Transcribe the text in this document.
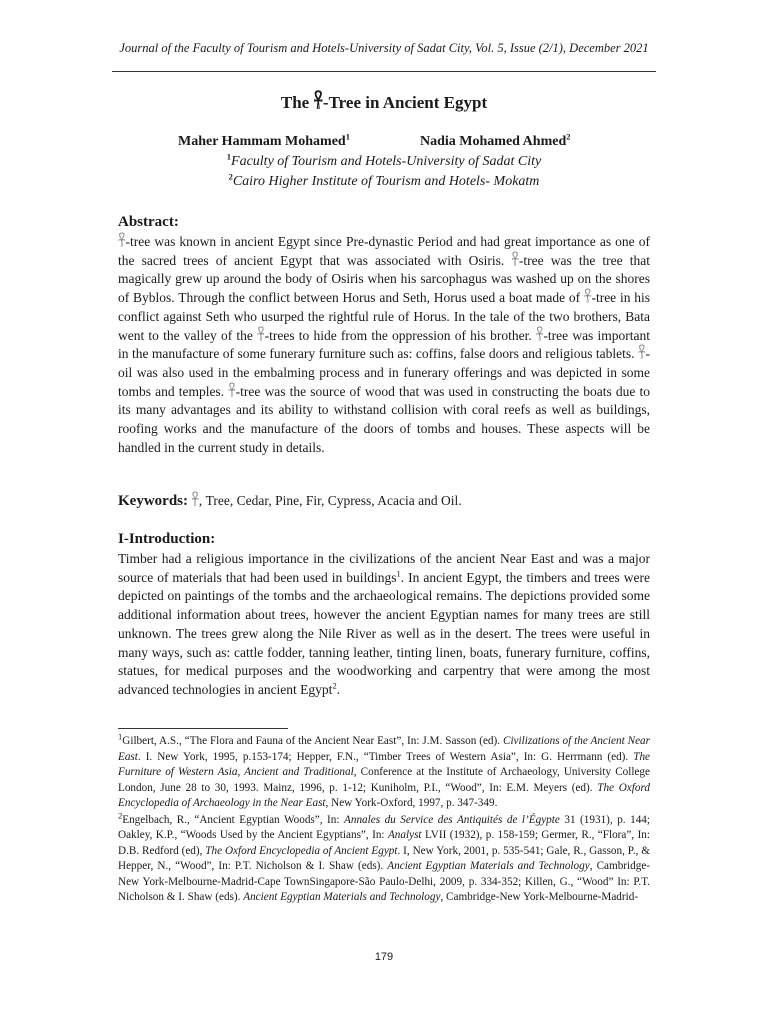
Journal of the Faculty of Tourism and Hotels-University of Sadat City, Vol. 5, Issue (2/1), December 2021
The 𓋹-Tree in Ancient Egypt
Maher Hammam Mohamed$^1$	Nadia Mohamed Ahmed$^2$
$^1$Faculty of Tourism and Hotels-University of Sadat City
$^2$Cairo Higher Institute of Tourism and Hotels- Mokatm
Abstract:
𓋹-tree was known in ancient Egypt since Pre-dynastic Period and had great importance as one of the sacred trees of ancient Egypt that was associated with Osiris. 𓋹-tree was the tree that magically grew up around the body of Osiris when his sarcophagus was washed up on the shores of Byblos. Through the conflict between Horus and Seth, Horus used a boat made of 𓋹-tree in his conflict against Seth who usurped the rightful rule of Horus. In the tale of the two brothers, Bata went to the valley of the 𓋹-trees to hide from the oppression of his brother. 𓋹-tree was important in the manufacture of some funerary furniture such as: coffins, false doors and religious tablets. 𓋹-oil was also used in the embalming process and in funerary offerings and was depicted in some tombs and temples. 𓋹-tree was the source of wood that was used in constructing the boats due to its many advantages and its ability to withstand collision with coral reefs as well as buildings, roofing works and the manufacture of the doors of tombs and houses. These aspects will be handled in the current study in details.
Keywords: 𓋹, Tree, Cedar, Pine, Fir, Cypress, Acacia and Oil.
I-Introduction:
Timber had a religious importance in the civilizations of the ancient Near East and was a major source of materials that had been used in buildings$^1$. In ancient Egypt, the timbers and trees were depicted on paintings of the tombs and the archaeological remains. The depictions provided some additional information about trees, however the ancient Egyptian names for many trees are still unknown. The trees grew along the Nile River as well as in the desert. The trees were useful in many ways, such as: cattle fodder, tanning leather, tinting linen, boats, funerary furniture, coffins, statues, for medical purposes and the woodworking and carpentry that were among the most advanced technologies in ancient Egypt$^2$.

$^1$Gilbert, A.S., “The Flora and Fauna of the Ancient Near East”, In: J.M. Sasson (ed). Civilizations of the Ancient Near East. I. New York, 1995, p.153-174; Hepper, F.N., “Timber Trees of Western Asia”, In: G. Herrmann (ed). The Furniture of Western Asia, Ancient and Traditional, Conference at the Institute of Archaeology, University College London, June 28 to 30, 1993. Mainz, 1996, p. 1-12; Kuniholm, P.I., “Wood”, In: E.M. Meyers (ed). The Oxford Encyclopedia of Archaeology in the Near East, New York-Oxford, 1997, p. 347-349.

$^2$Engelbach, R., “Ancient Egyptian Woods”, In: Annales du Service des Antiquités de l’Égypte 31 (1931), p. 144; Oakley, K.P., “Woods Used by the Ancient Egyptians”, In: Analyst LVII (1932), p. 158-159; Germer, R., “Flora”, In: D.B. Redford (ed), The Oxford Encyclopedia of Ancient Egypt. I, New York, 2001, p. 535-541; Gale, R., Gasson, P., & Hepper, N., “Wood”, In: P.T. Nicholson & I. Shaw (eds). Ancient Egyptian Materials and Technology, Cambridge-New York-Melbourne-Madrid-Cape TownSingapore-São Paulo-Delhi, 2009, p. 334-352; Killen, G., “Wood” In: P.T. Nicholson & I. Shaw (eds). Ancient Egyptian Materials and Technology, Cambridge-New York-Melbourne-Madrid-

179
